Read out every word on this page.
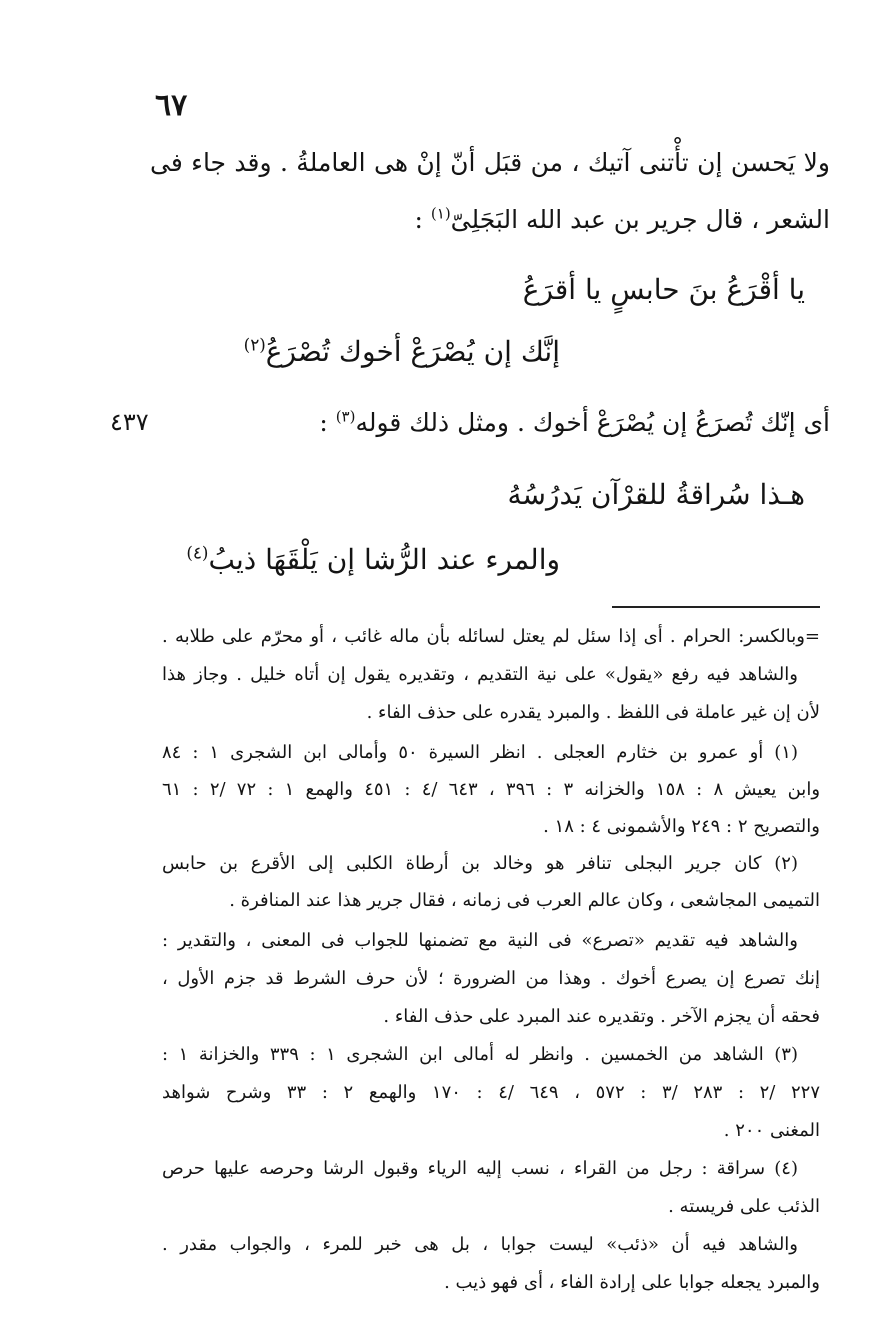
٦٧
٤٣٧
ولا يَحسن إن تأْتنى آتيك ، من قبَل أنّ إنْ هى العاملةُ . وقد جاء فى
الشعر ، قال جرير بن عبد الله البَجَلِىّ$^{(١)}$ :
يا أقْرَعُ بنَ حابسٍ يا أقرَعُ
إنَّك إن يُصْرَعْ أخوك تُصْرَعُ$^{(٢)}$
أى إنّك تُصرَعُ إن يُصْرَعْ أخوك . ومثل ذلك قوله$^{(٣)}$ :
هـذا سُراقةُ للقرْآن يَدرُسُهُ
والمرء عند الرُّشا إن يَلْقَهَا ذيبُ$^{(٤)}$
=وبالكسر: الحرام . أى إذا سئل لم يعتل لسائله بأن ماله غائب ، أو محرّم على طلابه .
والشاهد فيه رفع «يقول» على نية التقديم ، وتقديره يقول إن أتاه خليل . وجاز هذا
لأن إن غير عاملة فى اللفظ . والمبرد يقدره على حذف الفاء .
(١) أو عمرو بن خثارم العجلى . انظر السيرة ٥٠ وأمالى ابن الشجرى ١ : ٨٤
وابن يعيش ٨ : ١٥٨ والخزانه ٣ : ٣٩٦ ، ٦٤٣ /٤ : ٤٥١ والهمع ١ : ٧٢ /٢ : ٦١
والتصريح ٢ : ٢٤٩ والأشمونى ٤ : ١٨ .
(٢) كان جرير البجلى تنافر هو وخالد بن أرطاة الكلبى إلى الأقرع بن حابس
التميمى المجاشعى ، وكان عالم العرب فى زمانه ، فقال جرير هذا عند المنافرة .
والشاهد فيه تقديم «تصرع» فى النية مع تضمنها للجواب فى المعنى ، والتقدير :
إنك تصرع إن يصرع أخوك . وهذا من الضرورة ؛ لأن حرف الشرط قد جزم الأول ،
فحقه أن يجزم الآخر . وتقديره عند المبرد على حذف الفاء .
(٣) الشاهد من الخمسين . وانظر له أمالى ابن الشجرى ١ : ٣٣٩ والخزانة ١ :
٢٢٧ /٢ : ٢٨٣ /٣ : ٥٧٢ ، ٦٤٩ /٤ : ١٧٠ والهمع ٢ : ٣٣ وشرح شواهد
المغنى ٢٠٠ .
(٤) سراقة : رجل من القراء ، نسب إليه الرياء وقبول الرشا وحرصه عليها حرص
الذئب على فريسته .
والشاهد فيه أن «ذئب» ليست جوابا ، بل هى خبر للمرء ، والجواب مقدر .
والمبرد يجعله جوابا على إرادة الفاء ، أى فهو ذيب .
